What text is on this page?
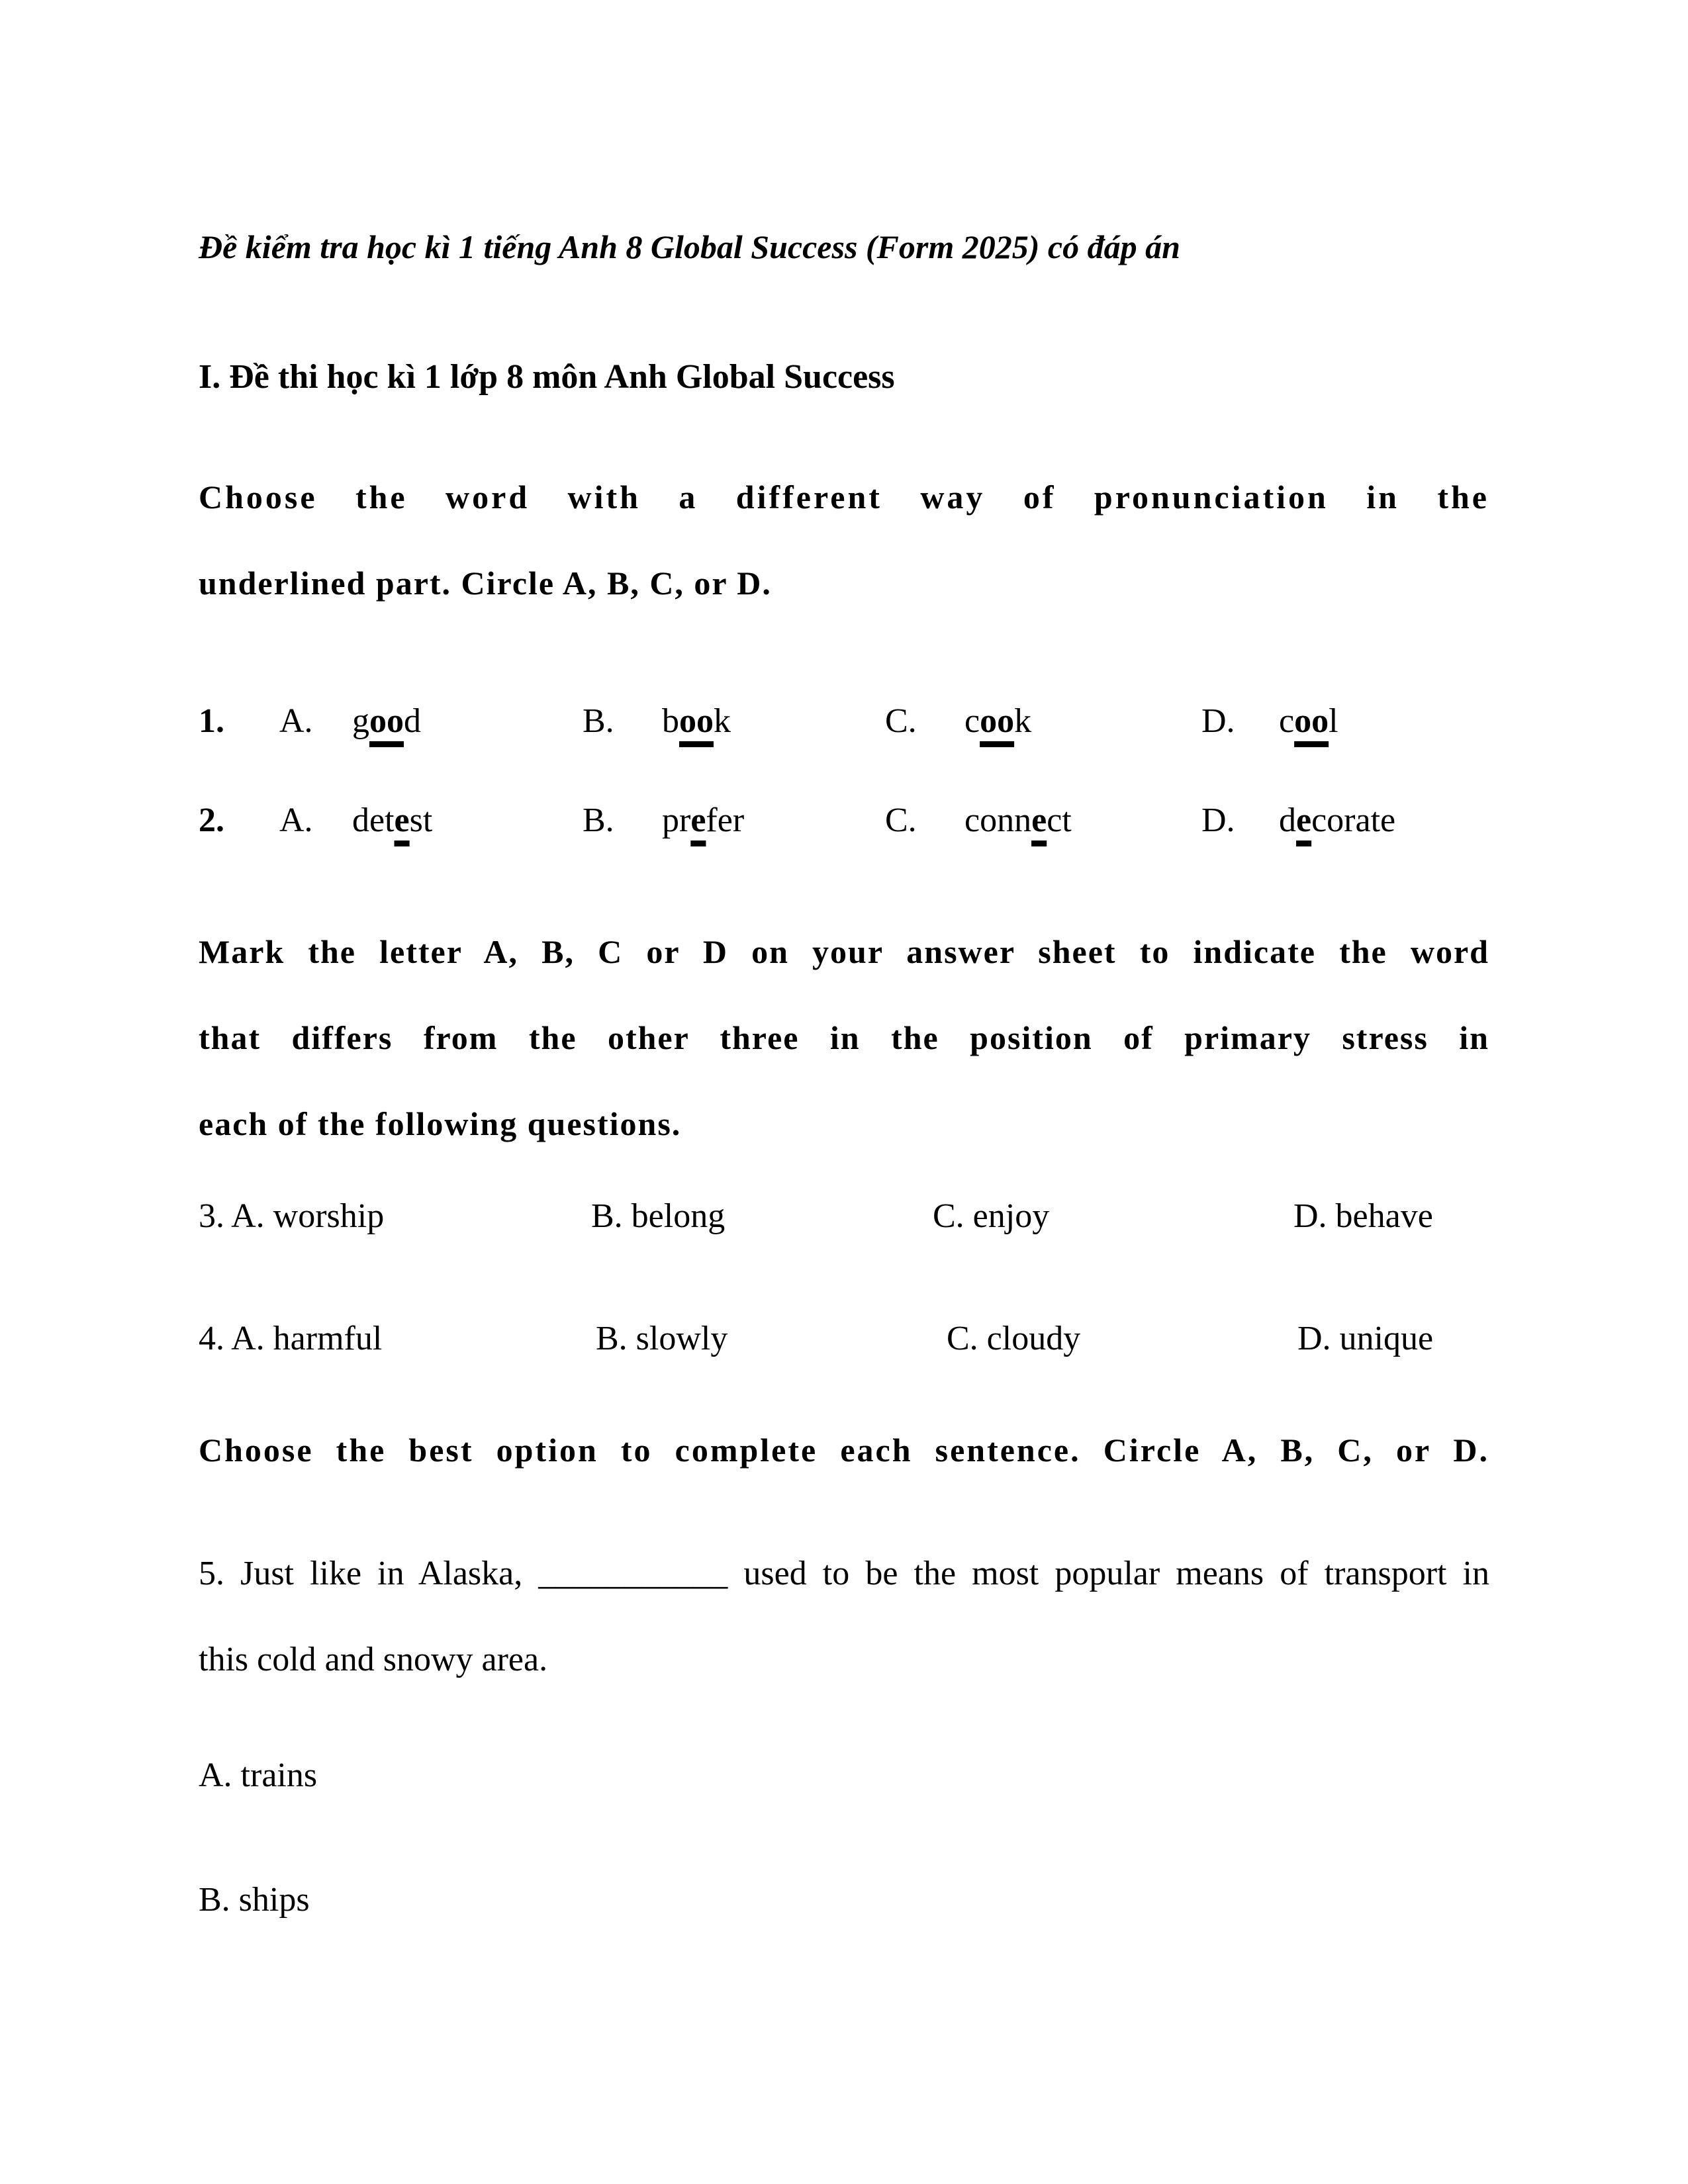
Đề kiểm tra học kì 1 tiếng Anh 8 Global Success (Form 2025) có đáp án
I. Đề thi học kì 1 lớp 8 môn Anh Global Success
Choose the word with a different way of pronunciation in the
underlined part. Circle A, B, C, or D.
1. A. good	B. book	C. cook	D. cool
2. A. detest	B. prefer	C. connect	D. decorate
Mark the letter A, B, C or D on your answer sheet to indicate the word
that differs from the other three in the position of primary stress in
each of the following questions.
3. A. worship	B. belong	C. enjoy	D. behave
4. A. harmful	B. slowly	C. cloudy	D. unique
Choose the best option to complete each sentence. Circle A, B, C, or D.
5. Just like in Alaska, ___________ used to be the most popular means of transport in
this cold and snowy area.
A. trains
B. ships
